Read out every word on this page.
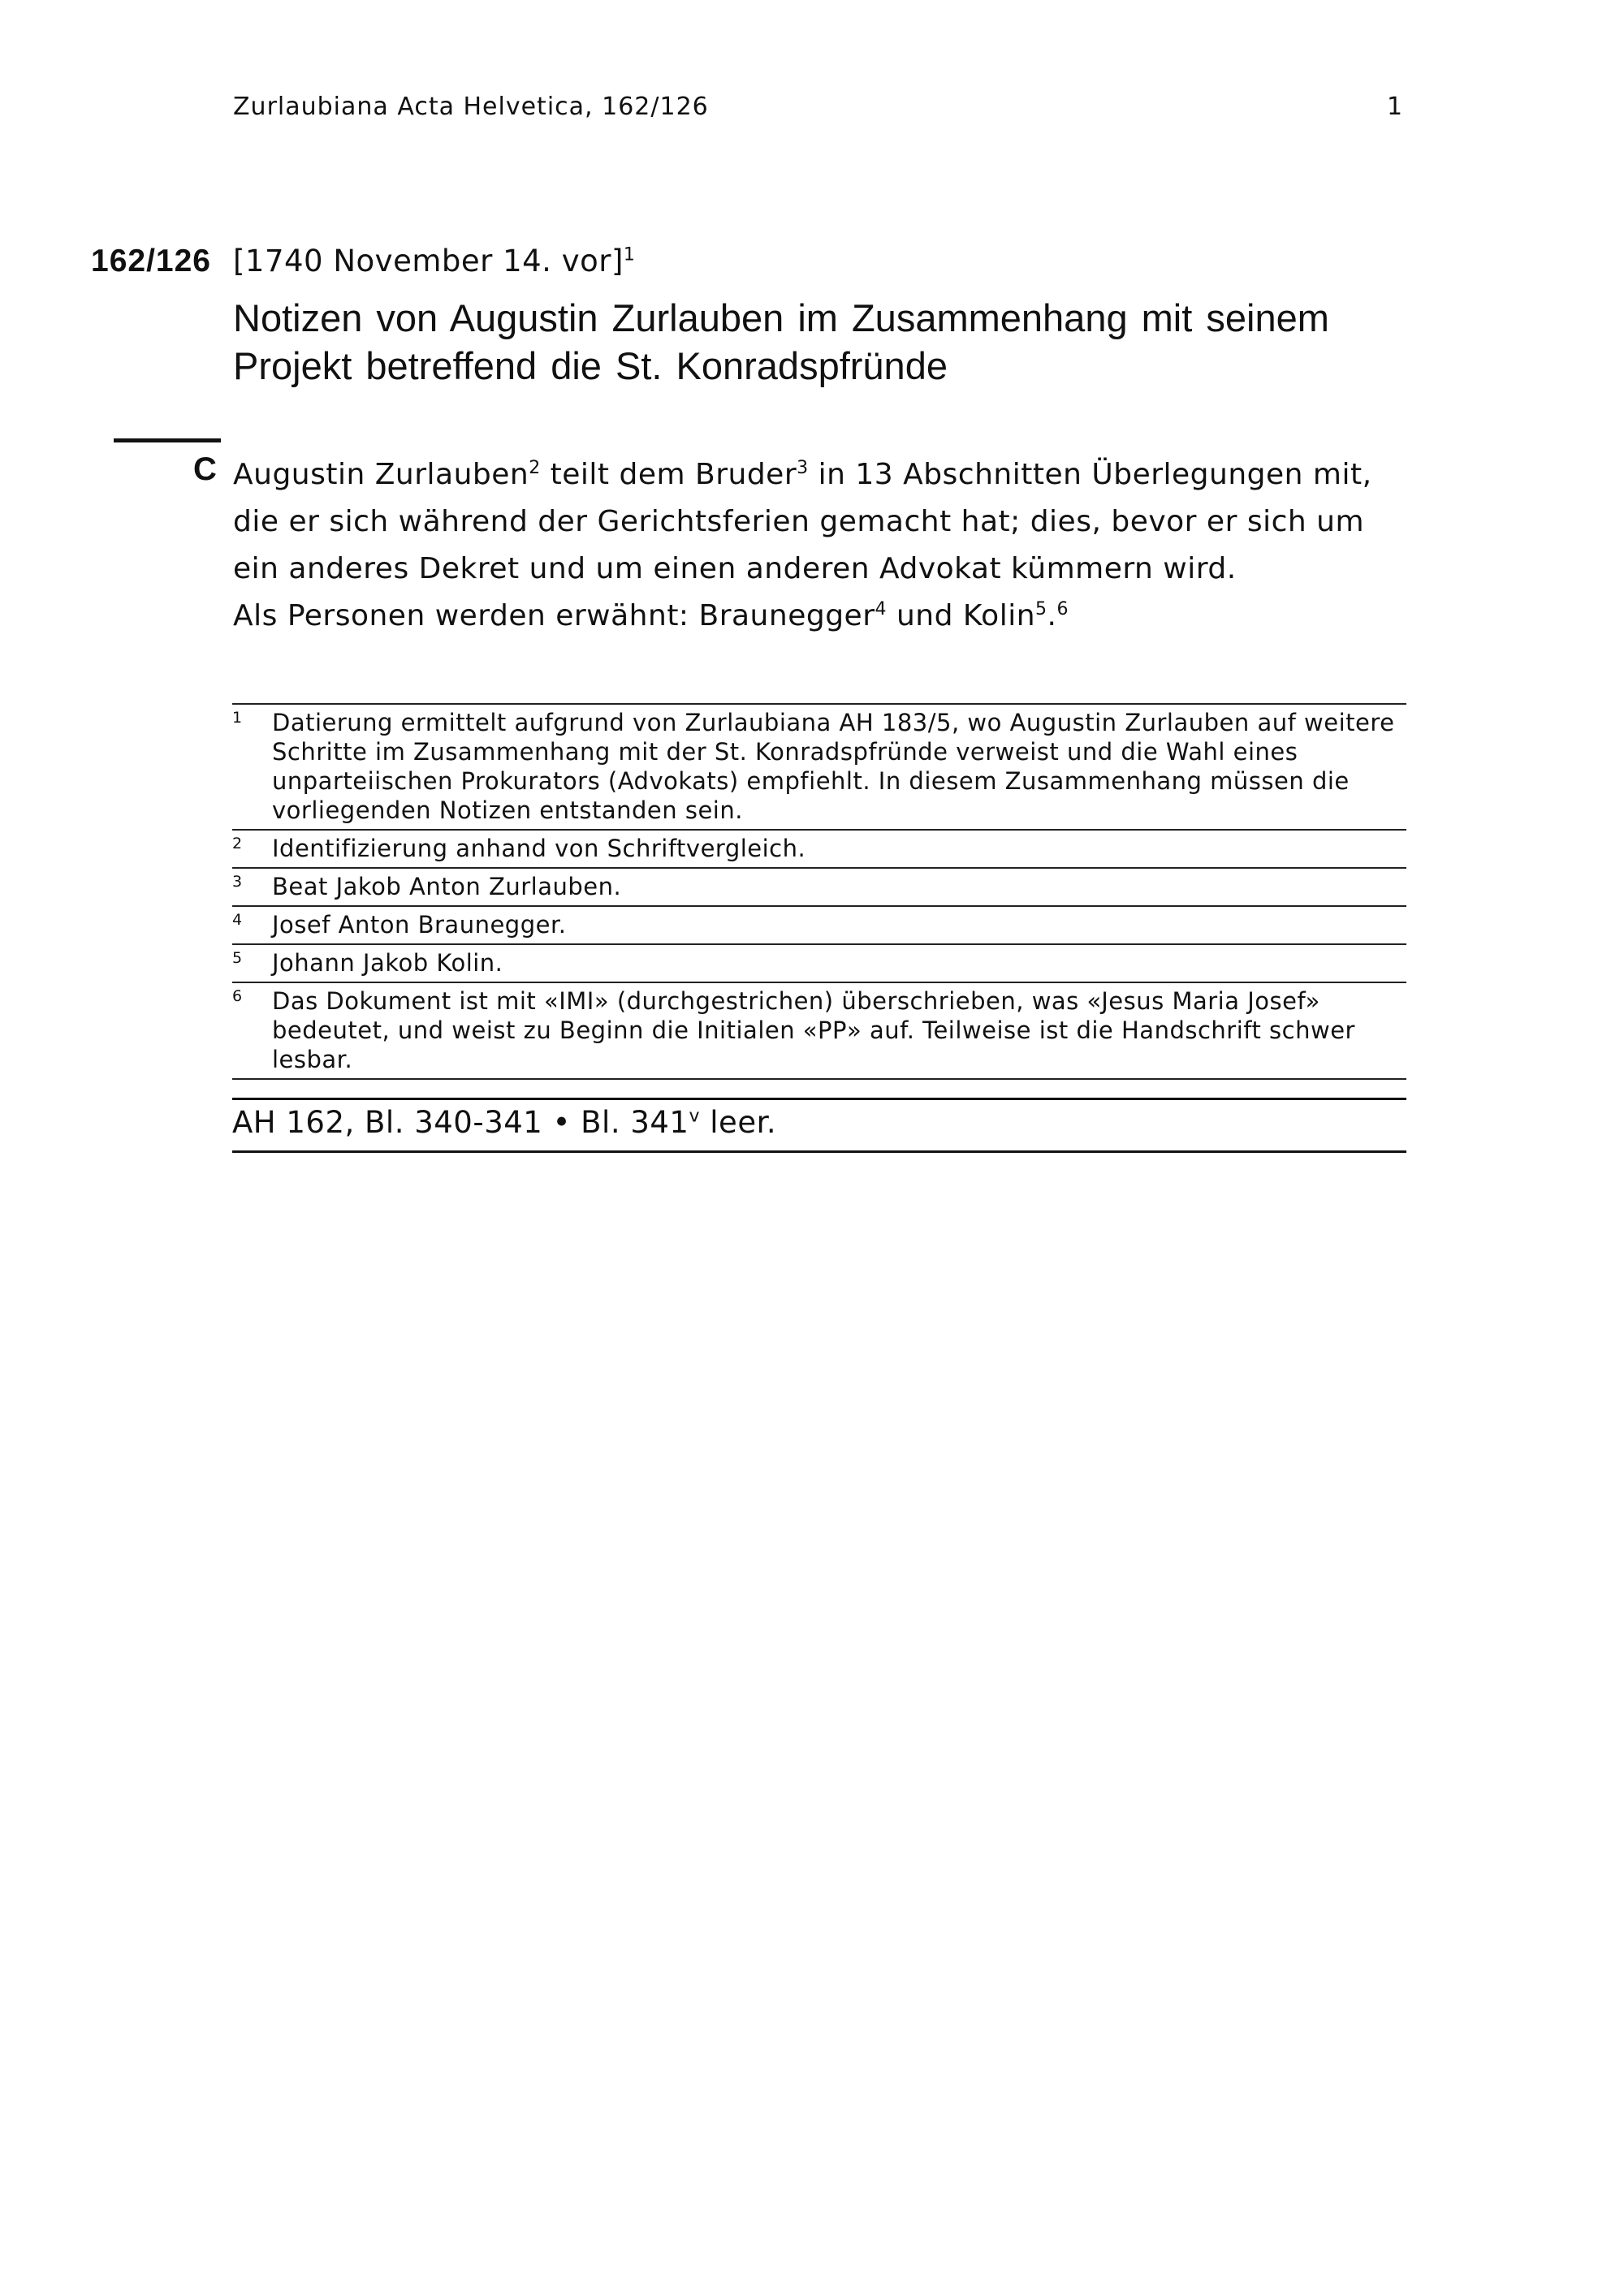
Zurlaubiana Acta Helvetica, 162/126	1
162/126 [1740 November 14. vor]$^1$
Notizen von Augustin Zurlauben im Zusammenhang mit seinem Projekt betreffend die St. Konradspfründe
C Augustin Zurlauben$^2$ teilt dem Bruder$^3$ in 13 Abschnitten Überlegungen mit, die er sich während der Gerichtsferien gemacht hat; dies, bevor er sich um ein anderes Dekret und um einen anderen Advokat kümmern wird.

Als Personen werden erwähnt: Braunegger$^4$ und Kolin$^5$.$^6$

1	Datierung ermittelt aufgrund von Zurlaubiana AH 183/5, wo Augustin Zurlauben auf weitere Schritte im Zusammenhang mit der St. Konradspfründe verweist und die Wahl eines unparteiischen Prokurators (Advokats) empfiehlt. In diesem Zusammenhang müssen die vorliegenden Notizen entstanden sein.
2	Identifizierung anhand von Schriftvergleich.
3	Beat Jakob Anton Zurlauben.
4	Josef Anton Braunegger.
5	Johann Jakob Kolin.
6	Das Dokument ist mit «IMI» (durchgestrichen) überschrieben, was «Jesus Maria Josef» bedeutet, und weist zu Beginn die Initialen «PP» auf. Teilweise ist die Handschrift schwer lesbar.
AH 162, Bl. 340-341 • Bl. 341$^v$ leer.
